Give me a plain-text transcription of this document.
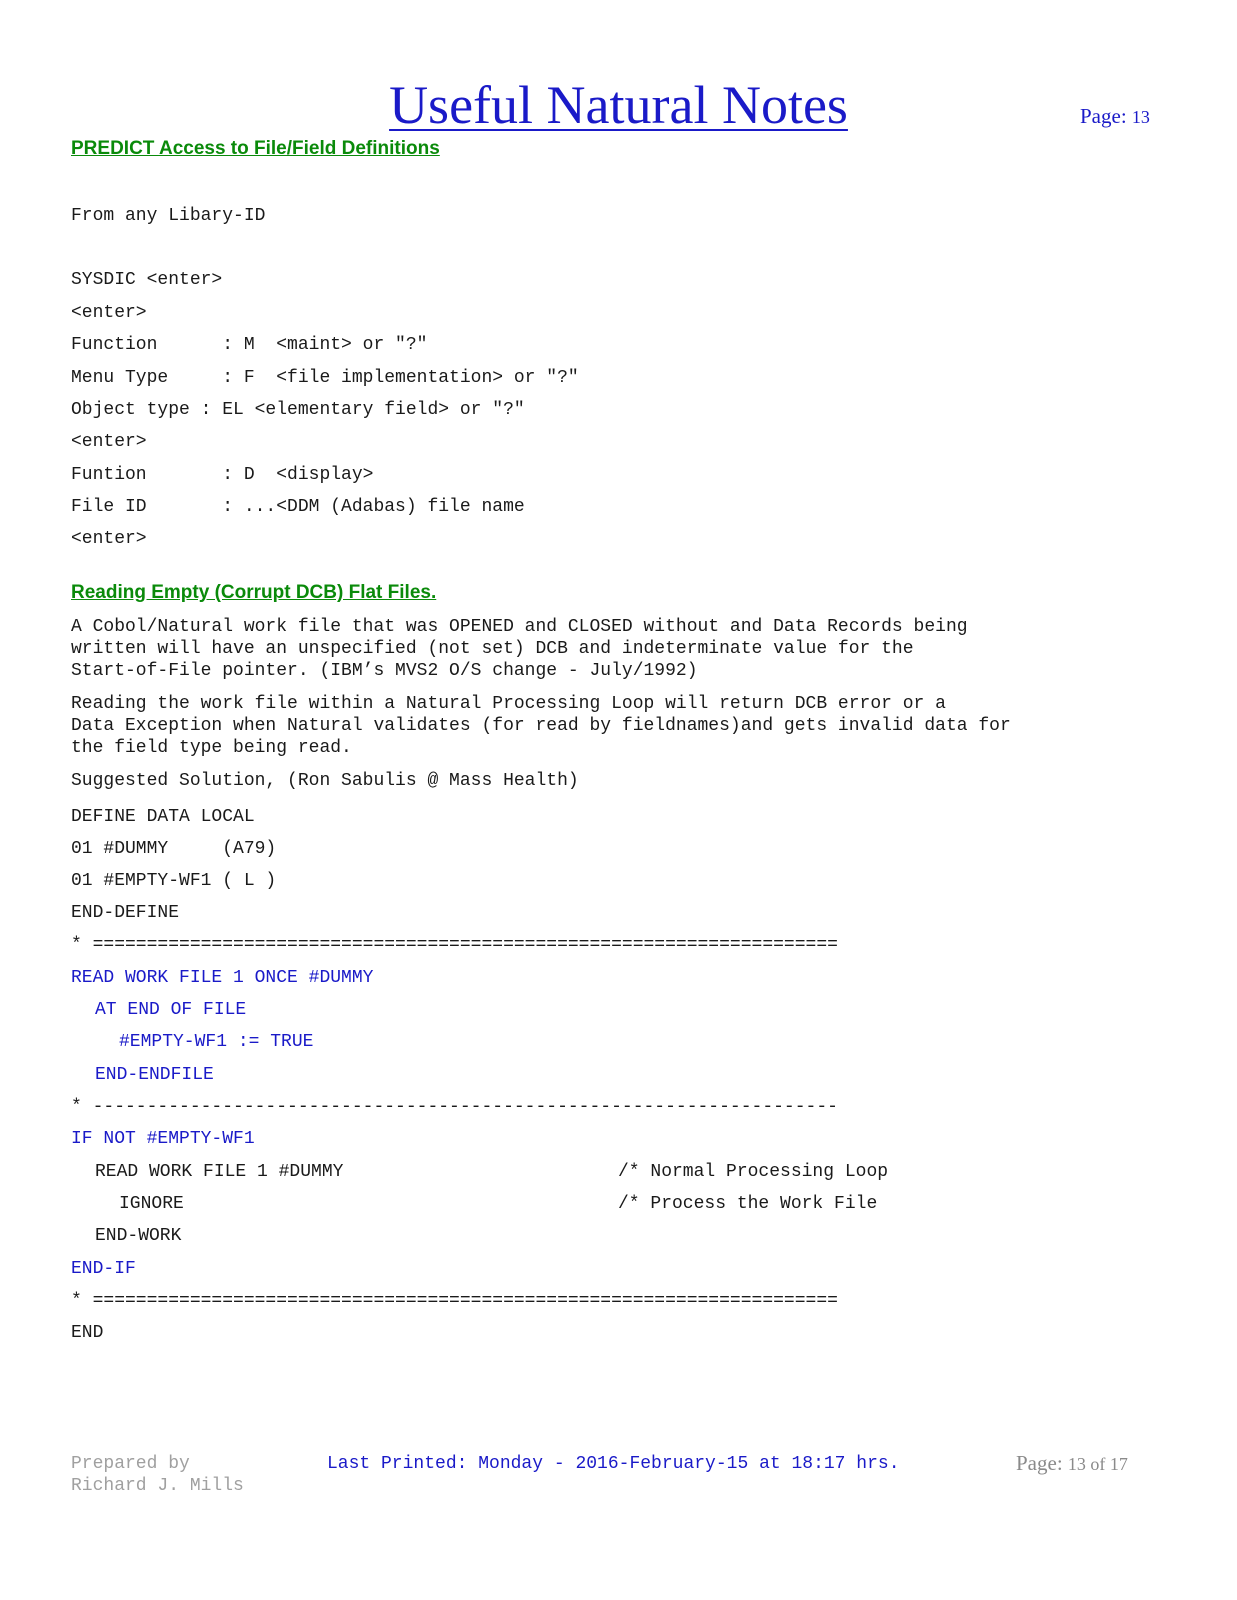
Useful Natural Notes	Page: 13
PREDICT Access to File/Field Definitions
From any Libary-ID
SYSDIC <enter>
<enter>
Function      : M  <maint> or "?"
Menu Type     : F  <file implementation> or "?"
Object type : EL <elementary field> or "?"
<enter>
Funtion       : D  <display>
File ID       : ...<DDM (Adabas) file name
<enter>
Reading Empty (Corrupt DCB) Flat Files.
A Cobol/Natural work file that was OPENED and CLOSED without and Data Records being
written will have an unspecified (not set) DCB and indeterminate value for the
Start-of-File pointer. (IBM’s MVS2 O/S change - July/1992)
Reading the work file within a Natural Processing Loop will return DCB error or a
Data Exception when Natural validates (for read by fieldnames)and gets invalid data for
the field type being read.
Suggested Solution, (Ron Sabulis @ Mass Health)
DEFINE DATA LOCAL
01 #DUMMY     (A79)
01 #EMPTY-WF1 ( L )
END-DEFINE
* =====================================================================
READ WORK FILE 1 ONCE #DUMMY
AT END OF FILE
#EMPTY-WF1 := TRUE
END-ENDFILE
* ---------------------------------------------------------------------
IF NOT #EMPTY-WF1
READ WORK FILE 1 #DUMMY	/* Normal Processing Loop
IGNORE	/* Process the Work File
END-WORK
END-IF
* =====================================================================
END
Prepared by
Richard J. Mills
Last Printed: Monday - 2016-February-15 at 18:17 hrs.	Page: 13 of 17
